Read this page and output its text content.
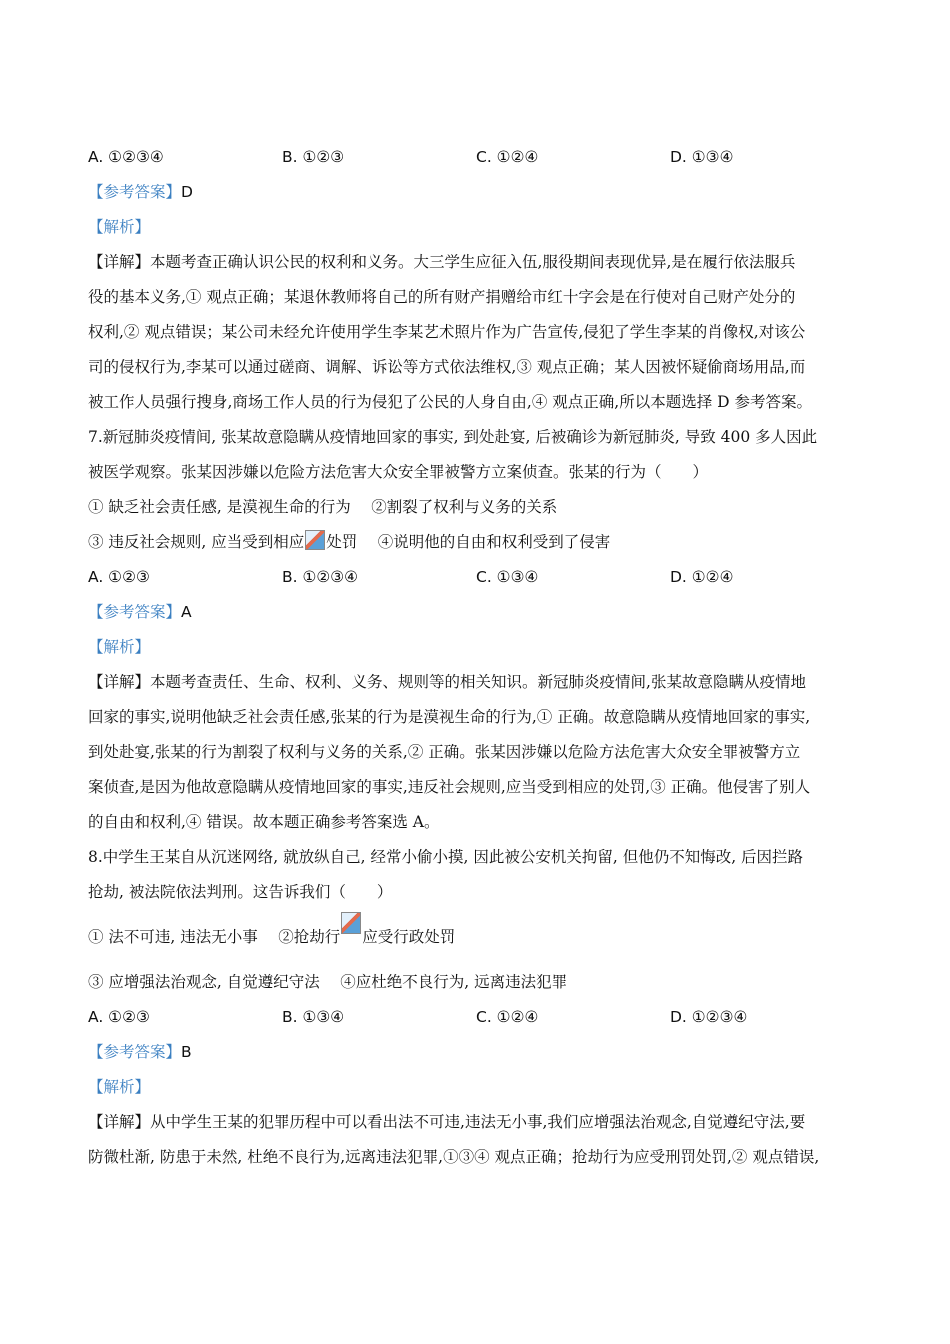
A. ①②③④	B. ①②③	C. ①②④	D. ①③④
【参考答案】D
【解析】
【详解】本题考查正确认识公民的权利和义务。大三学生应征入伍,服役期间表现优异,是在履行依法服兵
役的基本义务,① 观点正确；某退休教师将自己的所有财产捐赠给市红十字会是在行使对自己财产处分的
权利,② 观点错误；某公司未经允许使用学生李某艺术照片作为广告宣传,侵犯了学生李某的肖像权,对该公
司的侵权行为,李某可以通过磋商、调解、诉讼等方式依法维权,③ 观点正确；某人因被怀疑偷商场用品,而
被工作人员强行搜身,商场工作人员的行为侵犯了公民的人身自由,④ 观点正确,所以本题选择 D 参考答案。
7.新冠肺炎疫情间, 张某故意隐瞒从疫情地回家的事实, 到处赴宴, 后被确诊为新冠肺炎, 导致 400 多人因此
被医学观察。张某因涉嫌以危险方法危害大众安全罪被警方立案侦查。张某的行为（　　）
① 缺乏社会责任感, 是漠视生命的行为　 ②割裂了权利与义务的关系
③ 违反社会规则, 应当受到相应 处罚　 ④说明他的自由和权利受到了侵害
A. ①②③	B. ①②③④	C. ①③④	D. ①②④
【参考答案】A
【解析】
【详解】本题考查责任、生命、权利、义务、规则等的相关知识。新冠肺炎疫情间,张某故意隐瞒从疫情地
回家的事实,说明他缺乏社会责任感,张某的行为是漠视生命的行为,① 正确。故意隐瞒从疫情地回家的事实,
到处赴宴,张某的行为割裂了权利与义务的关系,② 正确。张某因涉嫌以危险方法危害大众安全罪被警方立
案侦查,是因为他故意隐瞒从疫情地回家的事实,违反社会规则,应当受到相应的处罚,③ 正确。他侵害了别人
的自由和权利,④ 错误。故本题正确参考答案选 A。
8.中学生王某自从沉迷网络, 就放纵自己, 经常小偷小摸, 因此被公安机关拘留, 但他仍不知悔改, 后因拦路
抢劫, 被法院依法判刑。这告诉我们（　　）
① 法不可违, 违法无小事　 ②抢劫行 应受行政处罚
③ 应增强法治观念, 自觉遵纪守法　 ④应杜绝不良行为, 远离违法犯罪
A. ①②③	B. ①③④	C. ①②④	D. ①②③④
【参考答案】B
【解析】
【详解】从中学生王某的犯罪历程中可以看出法不可违,违法无小事,我们应增强法治观念,自觉遵纪守法,要
防微杜渐, 防患于未然, 杜绝不良行为,远离违法犯罪,①③④ 观点正确；抢劫行为应受刑罚处罚,② 观点错误,
